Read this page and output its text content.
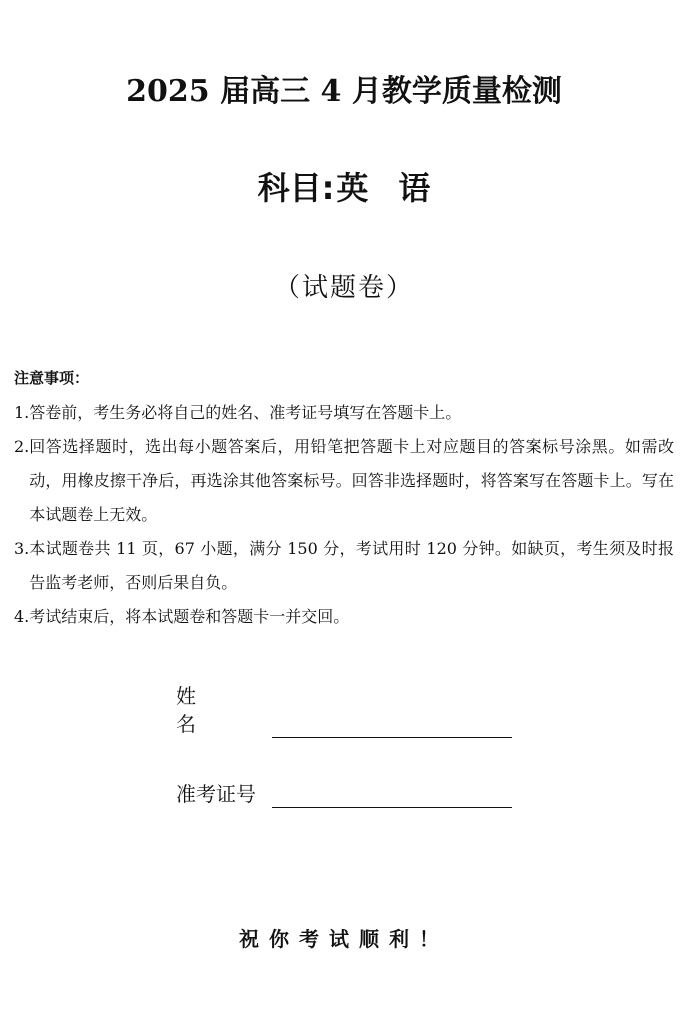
2025 届高三 4 月教学质量检测
科目:英语
（试题卷）
注意事项：
1. 答卷前，考生务必将自己的姓名、准考证号填写在答题卡上。
2. 回答选择题时，选出每小题答案后，用铅笔把答题卡上对应题目的答案标号涂黑。如需改动，用橡皮擦干净后，再选涂其他答案标号。回答非选择题时，将答案写在答题卡上。写在本试题卷上无效。
3. 本试题卷共 11 页，67 小题，满分 150 分，考试用时 120 分钟。如缺页，考生须及时报告监考老师，否则后果自负。
4. 考试结束后，将本试题卷和答题卡一并交回。
姓名
准考证号
祝你考试顺利！
